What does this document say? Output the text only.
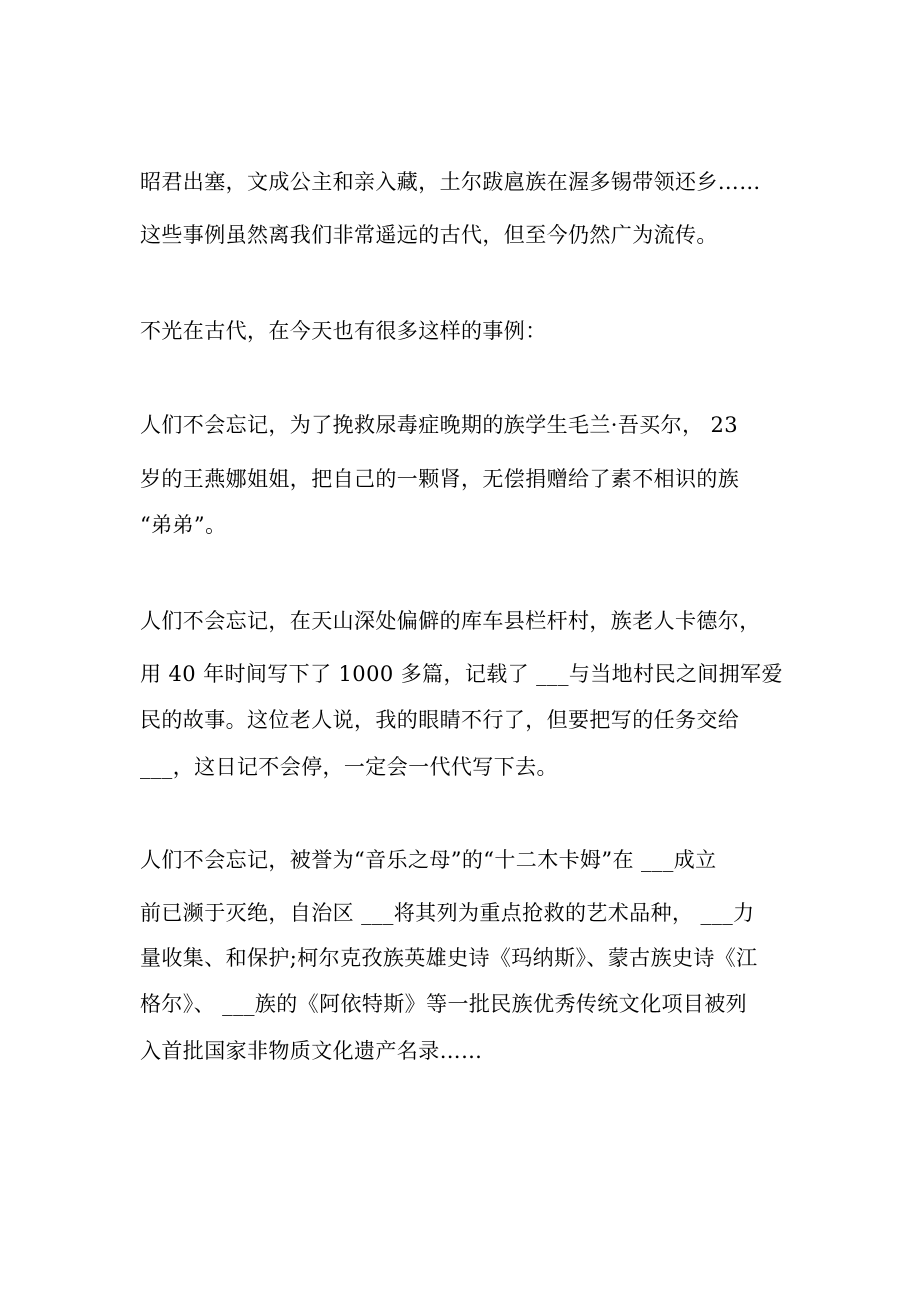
昭君出塞，文成公主和亲入藏，土尔跋扈族在渥多锡带领还乡……
这些事例虽然离我们非常遥远的古代，但至今仍然广为流传。
不光在古代，在今天也有很多这样的事例：
人们不会忘记，为了挽救尿毒症晚期的族学生毛兰·吾买尔， 23
岁的王燕娜姐姐，把自己的一颗肾，无偿捐赠给了素不相识的族
“弟弟”。
人们不会忘记，在天山深处偏僻的库车县栏杆村，族老人卡德尔，
用 40 年时间写下了 1000 多篇，记载了 ___与当地村民之间拥军爱
民的故事。这位老人说，我的眼睛不行了，但要把写的任务交给
___，这日记不会停，一定会一代代写下去。
人们不会忘记，被誉为“音乐之母”的“十二木卡姆”在 ___成立
前已濒于灭绝，自治区 ___将其列为重点抢救的艺术品种， ___力
量收集、和保护;柯尔克孜族英雄史诗《玛纳斯》、蒙古族史诗《江
格尔》、 ___族的《阿依特斯》等一批民族优秀传统文化项目被列
入首批国家非物质文化遗产名录……
